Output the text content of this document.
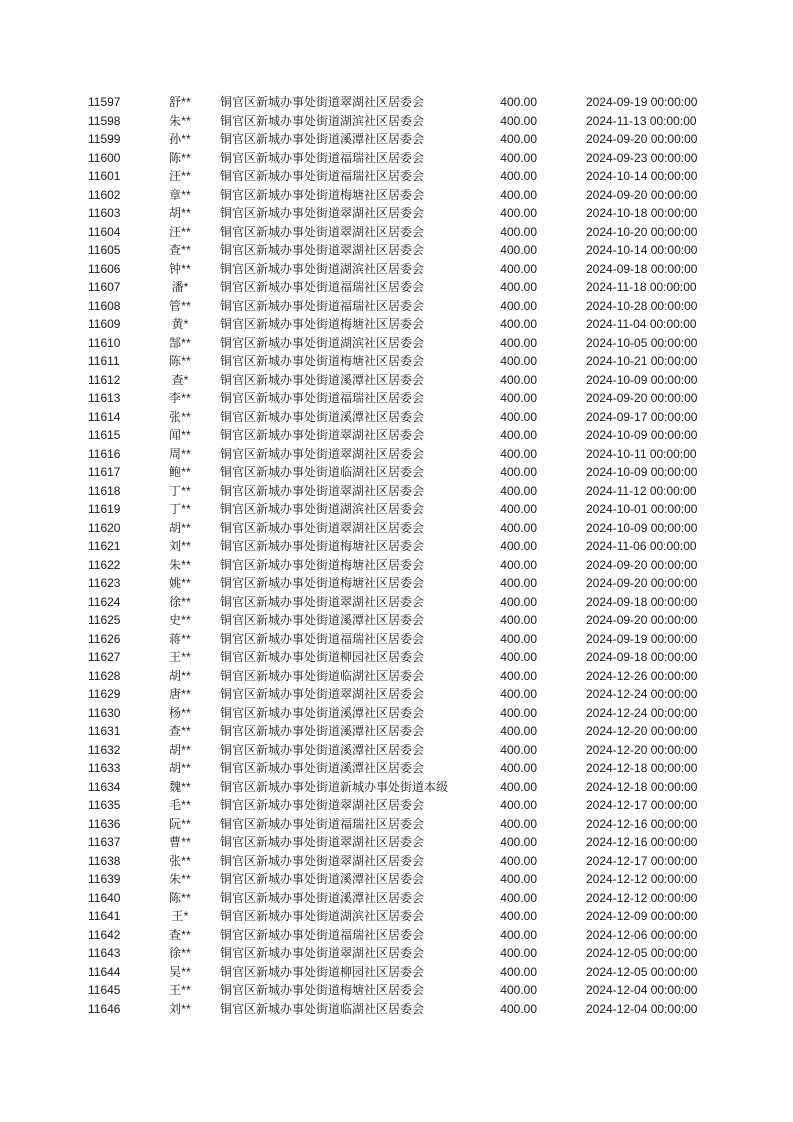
11597	舒**	铜官区新城办事处街道翠湖社区居委会	400.00	2024-09-19 00:00:00
11598	朱**	铜官区新城办事处街道湖滨社区居委会	400.00	2024-11-13 00:00:00
11599	孙**	铜官区新城办事处街道溪潭社区居委会	400.00	2024-09-20 00:00:00
11600	陈**	铜官区新城办事处街道福瑞社区居委会	400.00	2024-09-23 00:00:00
11601	汪**	铜官区新城办事处街道福瑞社区居委会	400.00	2024-10-14 00:00:00
11602	章**	铜官区新城办事处街道梅塘社区居委会	400.00	2024-09-20 00:00:00
11603	胡**	铜官区新城办事处街道翠湖社区居委会	400.00	2024-10-18 00:00:00
11604	汪**	铜官区新城办事处街道翠湖社区居委会	400.00	2024-10-20 00:00:00
11605	查**	铜官区新城办事处街道翠湖社区居委会	400.00	2024-10-14 00:00:00
11606	钟**	铜官区新城办事处街道湖滨社区居委会	400.00	2024-09-18 00:00:00
11607	潘*	铜官区新城办事处街道福瑞社区居委会	400.00	2024-11-18 00:00:00
11608	管**	铜官区新城办事处街道福瑞社区居委会	400.00	2024-10-28 00:00:00
11609	黄*	铜官区新城办事处街道梅塘社区居委会	400.00	2024-11-04 00:00:00
11610	郜**	铜官区新城办事处街道湖滨社区居委会	400.00	2024-10-05 00:00:00
11611	陈**	铜官区新城办事处街道梅塘社区居委会	400.00	2024-10-21 00:00:00
11612	查*	铜官区新城办事处街道溪潭社区居委会	400.00	2024-10-09 00:00:00
11613	李**	铜官区新城办事处街道福瑞社区居委会	400.00	2024-09-20 00:00:00
11614	张**	铜官区新城办事处街道溪潭社区居委会	400.00	2024-09-17 00:00:00
11615	闻**	铜官区新城办事处街道翠湖社区居委会	400.00	2024-10-09 00:00:00
11616	周**	铜官区新城办事处街道翠湖社区居委会	400.00	2024-10-11 00:00:00
11617	鲍**	铜官区新城办事处街道临湖社区居委会	400.00	2024-10-09 00:00:00
11618	丁**	铜官区新城办事处街道翠湖社区居委会	400.00	2024-11-12 00:00:00
11619	丁**	铜官区新城办事处街道湖滨社区居委会	400.00	2024-10-01 00:00:00
11620	胡**	铜官区新城办事处街道翠湖社区居委会	400.00	2024-10-09 00:00:00
11621	刘**	铜官区新城办事处街道梅塘社区居委会	400.00	2024-11-06 00:00:00
11622	朱**	铜官区新城办事处街道梅塘社区居委会	400.00	2024-09-20 00:00:00
11623	姚**	铜官区新城办事处街道梅塘社区居委会	400.00	2024-09-20 00:00:00
11624	徐**	铜官区新城办事处街道翠湖社区居委会	400.00	2024-09-18 00:00:00
11625	史**	铜官区新城办事处街道溪潭社区居委会	400.00	2024-09-20 00:00:00
11626	蒋**	铜官区新城办事处街道福瑞社区居委会	400.00	2024-09-19 00:00:00
11627	王**	铜官区新城办事处街道柳园社区居委会	400.00	2024-09-18 00:00:00
11628	胡**	铜官区新城办事处街道临湖社区居委会	400.00	2024-12-26 00:00:00
11629	唐**	铜官区新城办事处街道翠湖社区居委会	400.00	2024-12-24 00:00:00
11630	杨**	铜官区新城办事处街道溪潭社区居委会	400.00	2024-12-24 00:00:00
11631	查**	铜官区新城办事处街道溪潭社区居委会	400.00	2024-12-20 00:00:00
11632	胡**	铜官区新城办事处街道溪潭社区居委会	400.00	2024-12-20 00:00:00
11633	胡**	铜官区新城办事处街道溪潭社区居委会	400.00	2024-12-18 00:00:00
11634	魏**	铜官区新城办事处街道新城办事处街道本级	400.00	2024-12-18 00:00:00
11635	毛**	铜官区新城办事处街道翠湖社区居委会	400.00	2024-12-17 00:00:00
11636	阮**	铜官区新城办事处街道福瑞社区居委会	400.00	2024-12-16 00:00:00
11637	曹**	铜官区新城办事处街道翠湖社区居委会	400.00	2024-12-16 00:00:00
11638	张**	铜官区新城办事处街道翠湖社区居委会	400.00	2024-12-17 00:00:00
11639	朱**	铜官区新城办事处街道溪潭社区居委会	400.00	2024-12-12 00:00:00
11640	陈**	铜官区新城办事处街道溪潭社区居委会	400.00	2024-12-12 00:00:00
11641	王*	铜官区新城办事处街道湖滨社区居委会	400.00	2024-12-09 00:00:00
11642	查**	铜官区新城办事处街道福瑞社区居委会	400.00	2024-12-06 00:00:00
11643	徐**	铜官区新城办事处街道翠湖社区居委会	400.00	2024-12-05 00:00:00
11644	吴**	铜官区新城办事处街道柳园社区居委会	400.00	2024-12-05 00:00:00
11645	王**	铜官区新城办事处街道梅塘社区居委会	400.00	2024-12-04 00:00:00
11646	刘**	铜官区新城办事处街道临湖社区居委会	400.00	2024-12-04 00:00:00
